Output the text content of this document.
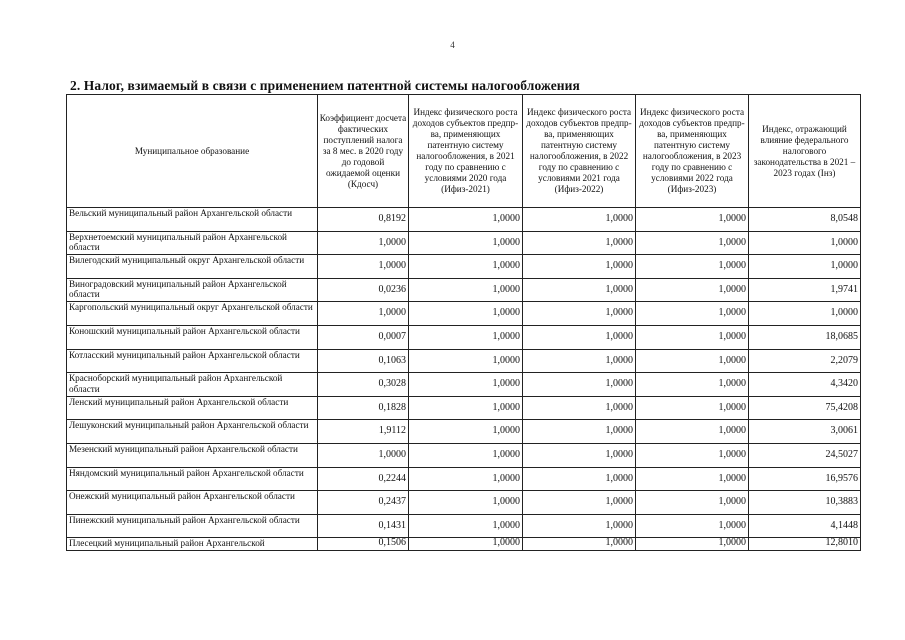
4
2. Налог, взимаемый в связи с применением патентной системы налогообложения
Муниципальное образование	Коэффициент досчета фактических поступлений налога за 8 мес. в 2020 году до годовой ожидаемой оценки (Кдосч)	Индекс физического роста доходов субъектов предпр-ва, применяющих патентную систему налогообложения, в 2021 году по сравнению с условиями 2020 года (Ифиз-2021)	Индекс физического роста доходов субъектов предпр-ва, применяющих патентную систему налогообложения, в 2022 году по сравнению с условиями 2021 года (Ифиз-2022)	Индекс физического роста доходов субъектов предпр-ва, применяющих патентную систему налогообложения, в 2023 году по сравнению с условиями 2022 года (Ифиз-2023)	Индекс, отражающий влияние федерального налогового законодательства в 2021 – 2023 годах (Iнз)
Вельский муниципальный район Архангельской области	0,8192	1,0000	1,0000	1,0000	8,0548
Верхнетоемский муниципальный район Архангельской области	1,0000	1,0000	1,0000	1,0000	1,0000
Вилегодский муниципальный округ Архангельской области	1,0000	1,0000	1,0000	1,0000	1,0000
Виноградовский муниципальный район Архангельской области	0,0236	1,0000	1,0000	1,0000	1,9741
Каргопольский муниципальный округ Архангельской области	1,0000	1,0000	1,0000	1,0000	1,0000
Коношский муниципальный район Архангельской области	0,0007	1,0000	1,0000	1,0000	18,0685
Котласский муниципальный район Архангельской области	0,1063	1,0000	1,0000	1,0000	2,2079
Красноборский муниципальный район Архангельской области	0,3028	1,0000	1,0000	1,0000	4,3420
Ленский муниципальный район Архангельской области	0,1828	1,0000	1,0000	1,0000	75,4208
Лешуконский муниципальный район Архангельской области	1,9112	1,0000	1,0000	1,0000	3,0061
Мезенский муниципальный район Архангельской области	1,0000	1,0000	1,0000	1,0000	24,5027
Няндомский муниципальный район Архангельской области	0,2244	1,0000	1,0000	1,0000	16,9576
Онежский муниципальный район Архангельской области	0,2437	1,0000	1,0000	1,0000	10,3883
Пинежский муниципальный район Архангельской области	0,1431	1,0000	1,0000	1,0000	4,1448
Плесецкий муниципальный район Архангельской	0,1506	1,0000	1,0000	1,0000	12,8010
